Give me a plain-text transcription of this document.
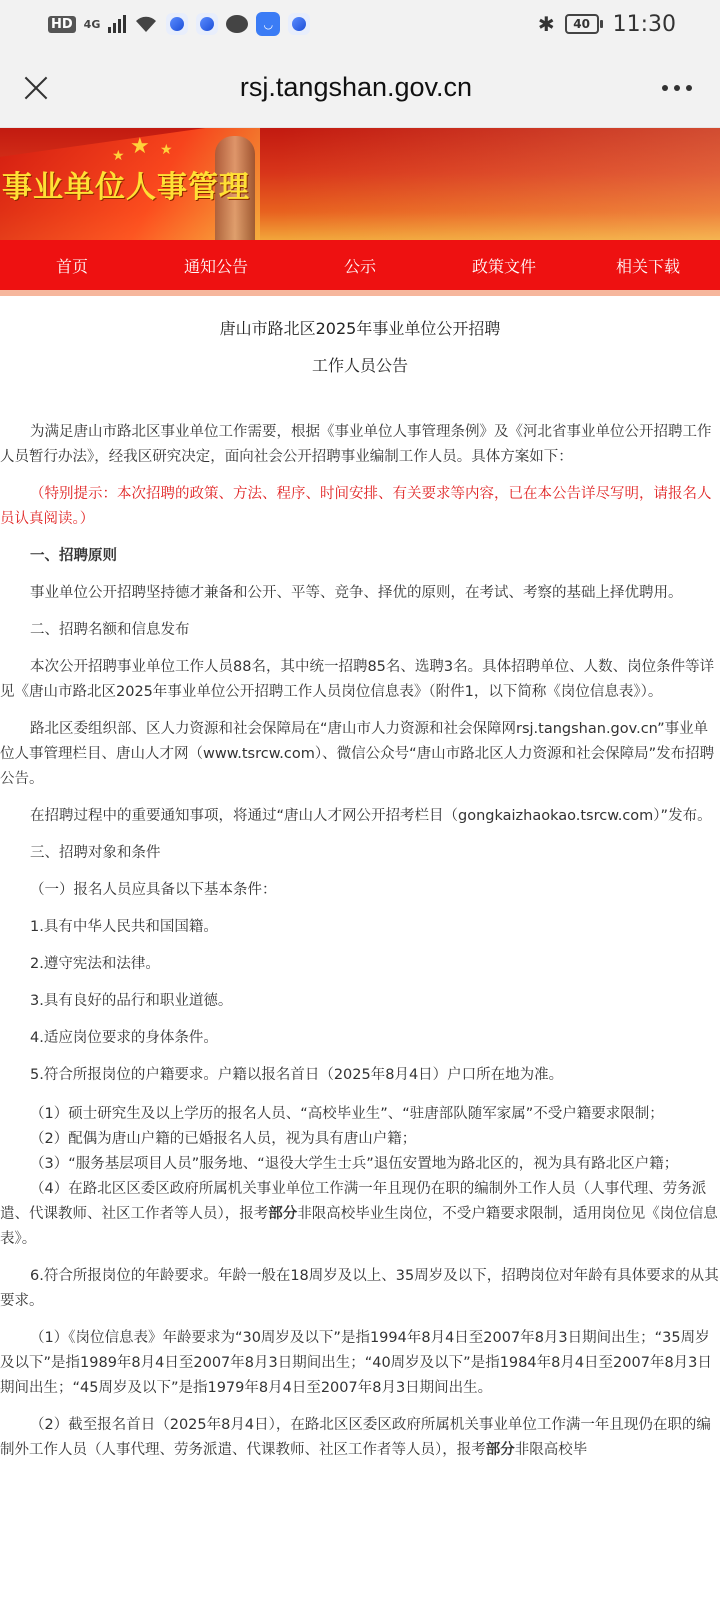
HD 4G	◡	✱	40	11:30
rsj.tangshan.gov.cn
★ ★
★
事业单位人事管理
首页	通知公告	公示	政策文件	相关下载
唐山市路北区2025年事业单位公开招聘
工作人员公告

为满足唐山市路北区事业单位工作需要，根据《事业单位人事管理条例》及《河北省事业单位公开招聘工作人员暂行办法》，经我区研究决定，面向社会公开招聘事业编制工作人员。具体方案如下：

（特别提示：本次招聘的政策、方法、程序、时间安排、有关要求等内容，已在本公告详尽写明，请报名人员认真阅读。）

一、招聘原则

事业单位公开招聘坚持德才兼备和公开、平等、竞争、择优的原则，在考试、考察的基础上择优聘用。

二、招聘名额和信息发布

本次公开招聘事业单位工作人员88名，其中统一招聘85名、选聘3名。具体招聘单位、人数、岗位条件等详见《唐山市路北区2025年事业单位公开招聘工作人员岗位信息表》（附件1，以下简称《岗位信息表》）。

路北区委组织部、区人力资源和社会保障局在“唐山市人力资源和社会保障网rsj.tangshan.gov.cn”事业单位人事管理栏目、唐山人才网（www.tsrcw.com）、微信公众号“唐山市路北区人力资源和社会保障局”发布招聘公告。

在招聘过程中的重要通知事项，将通过“唐山人才网公开招考栏目（gongkaizhaokao.tsrcw.com）”发布。

三、招聘对象和条件

（一）报名人员应具备以下基本条件：

1.具有中华人民共和国国籍。

2.遵守宪法和法律。

3.具有良好的品行和职业道德。

4.适应岗位要求的身体条件。

5.符合所报岗位的户籍要求。户籍以报名首日（2025年8月4日）户口所在地为准。

（1）硕士研究生及以上学历的报名人员、“高校毕业生”、“驻唐部队随军家属”不受户籍要求限制；

（2）配偶为唐山户籍的已婚报名人员，视为具有唐山户籍；

（3）“服务基层项目人员”服务地、“退役大学生士兵”退伍安置地为路北区的，视为具有路北区户籍；

（4）在路北区区委区政府所属机关事业单位工作满一年且现仍在职的编制外工作人员（人事代理、劳务派遣、代课教师、社区工作者等人员），报考部分非限高校毕业生岗位，不受户籍要求限制，适用岗位见《岗位信息表》。

6.符合所报岗位的年龄要求。年龄一般在18周岁及以上、35周岁及以下，招聘岗位对年龄有具体要求的从其要求。

（1）《岗位信息表》年龄要求为“30周岁及以下”是指1994年8月4日至2007年8月3日期间出生；“35周岁及以下”是指1989年8月4日至2007年8月3日期间出生；“40周岁及以下”是指1984年8月4日至2007年8月3日期间出生；“45周岁及以下”是指1979年8月4日至2007年8月3日期间出生。

（2）截至报名首日（2025年8月4日），在路北区区委区政府所属机关事业单位工作满一年且现仍在职的编制外工作人员（人事代理、劳务派遣、代课教师、社区工作者等人员），报考部分非限高校毕
